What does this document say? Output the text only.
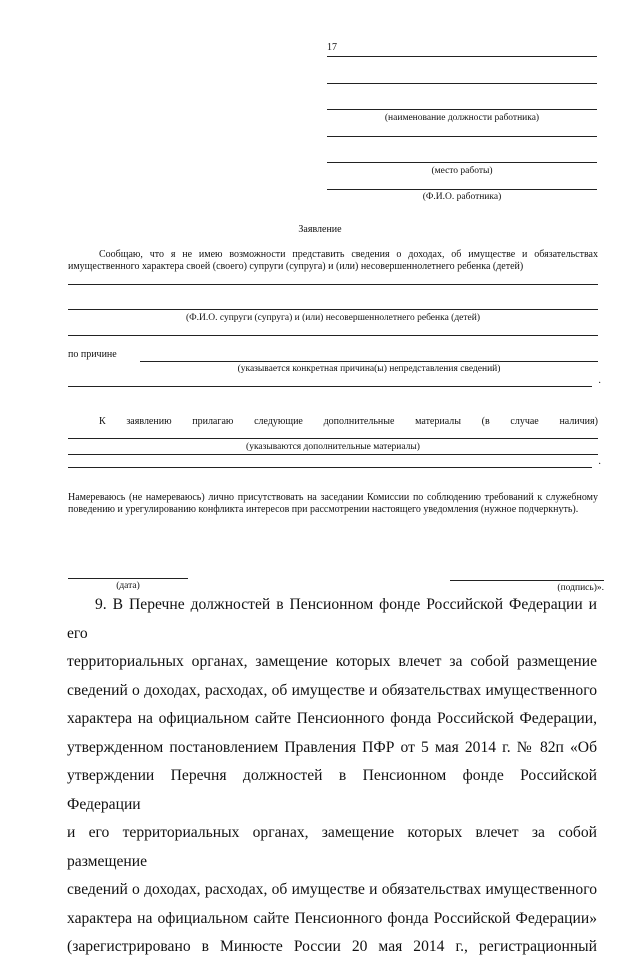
17
(наименование должности работника)
(место работы)
(Ф.И.О. работника)
Заявление
Сообщаю, что я не имею возможности представить сведения о доходах, об имуществе и обязательствах имущественного характера своей (своего) супруги (супруга) и (или) несовершеннолетнего ребенка (детей)
(Ф.И.О. супруги (супруга) и (или) несовершеннолетнего ребенка (детей)
по причине
(указывается конкретная причина(ы) непредставления сведений)
·
К заявлению прилагаю следующие дополнительные материалы (в случае наличия)
(указываются дополнительные материалы)
·
Намереваюсь (не намереваюсь) лично присутствовать на заседании Комиссии по соблюдению требований к служебному поведению и урегулированию конфликта интересов при рассмотрении настоящего уведомления (нужное подчеркнуть).
(дата)	(подпись)».
9. В Перечне должностей в Пенсионном фонде Российской Федерации и его
территориальных органах, замещение которых влечет за собой размещение
сведений о доходах, расходах, об имуществе и обязательствах имущественного
характера на официальном сайте Пенсионного фонда Российской Федерации,
утвержденном постановлением Правления ПФР от 5 мая 2014 г. № 82п «Об
утверждении Перечня должностей в Пенсионном фонде Российской Федерации
и его территориальных органах, замещение которых влечет за собой размещение
сведений о доходах, расходах, об имуществе и обязательствах имущественного
характера на официальном сайте Пенсионного фонда Российской Федерации»
(зарегистрировано в Минюсте России 20 мая 2014 г., регистрационный
